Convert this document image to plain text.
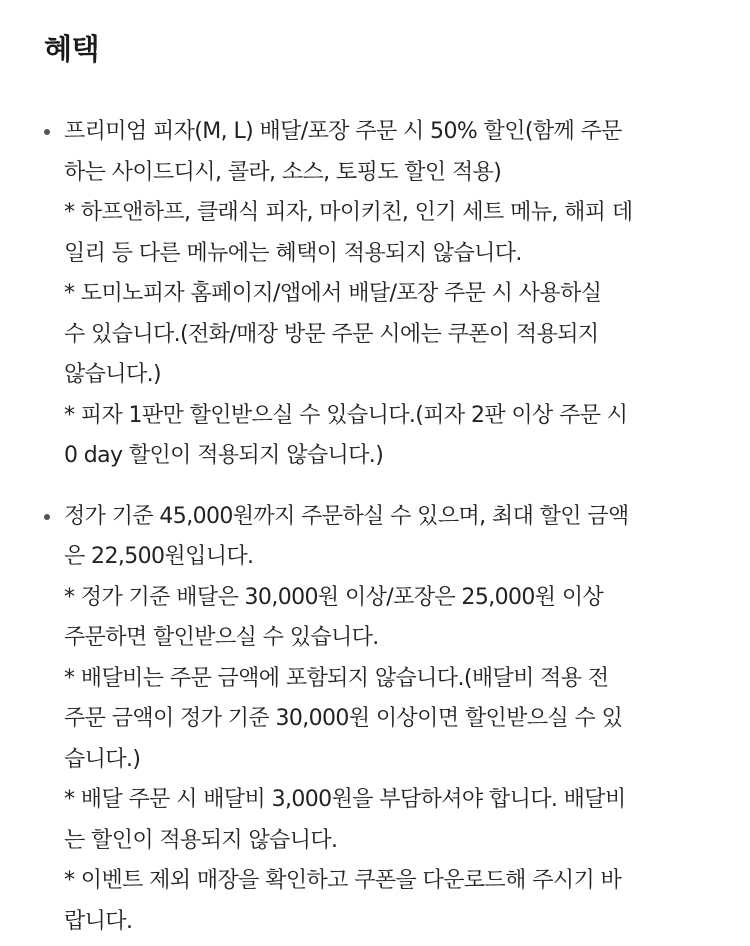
혜택
프리미엄 피자(M, L) 배달/포장 주문 시 50% 할인(함께 주문
하는 사이드디시, 콜라, 소스, 토핑도 할인 적용)
* 하프앤하프, 클래식 피자, 마이키친, 인기 세트 메뉴, 해피 데
일리 등 다른 메뉴에는 혜택이 적용되지 않습니다.
* 도미노피자 홈페이지/앱에서 배달/포장 주문 시 사용하실
수 있습니다.(전화/매장 방문 주문 시에는 쿠폰이 적용되지
않습니다.)
* 피자 1판만 할인받으실 수 있습니다.(피자 2판 이상 주문 시
0 day 할인이 적용되지 않습니다.)
정가 기준 45,000원까지 주문하실 수 있으며, 최대 할인 금액
은 22,500원입니다.
* 정가 기준 배달은 30,000원 이상/포장은 25,000원 이상
주문하면 할인받으실 수 있습니다.
* 배달비는 주문 금액에 포함되지 않습니다.(배달비 적용 전
주문 금액이 정가 기준 30,000원 이상이면 할인받으실 수 있
습니다.)
* 배달 주문 시 배달비 3,000원을 부담하셔야 합니다. 배달비
는 할인이 적용되지 않습니다.
* 이벤트 제외 매장을 확인하고 쿠폰을 다운로드해 주시기 바
랍니다.
